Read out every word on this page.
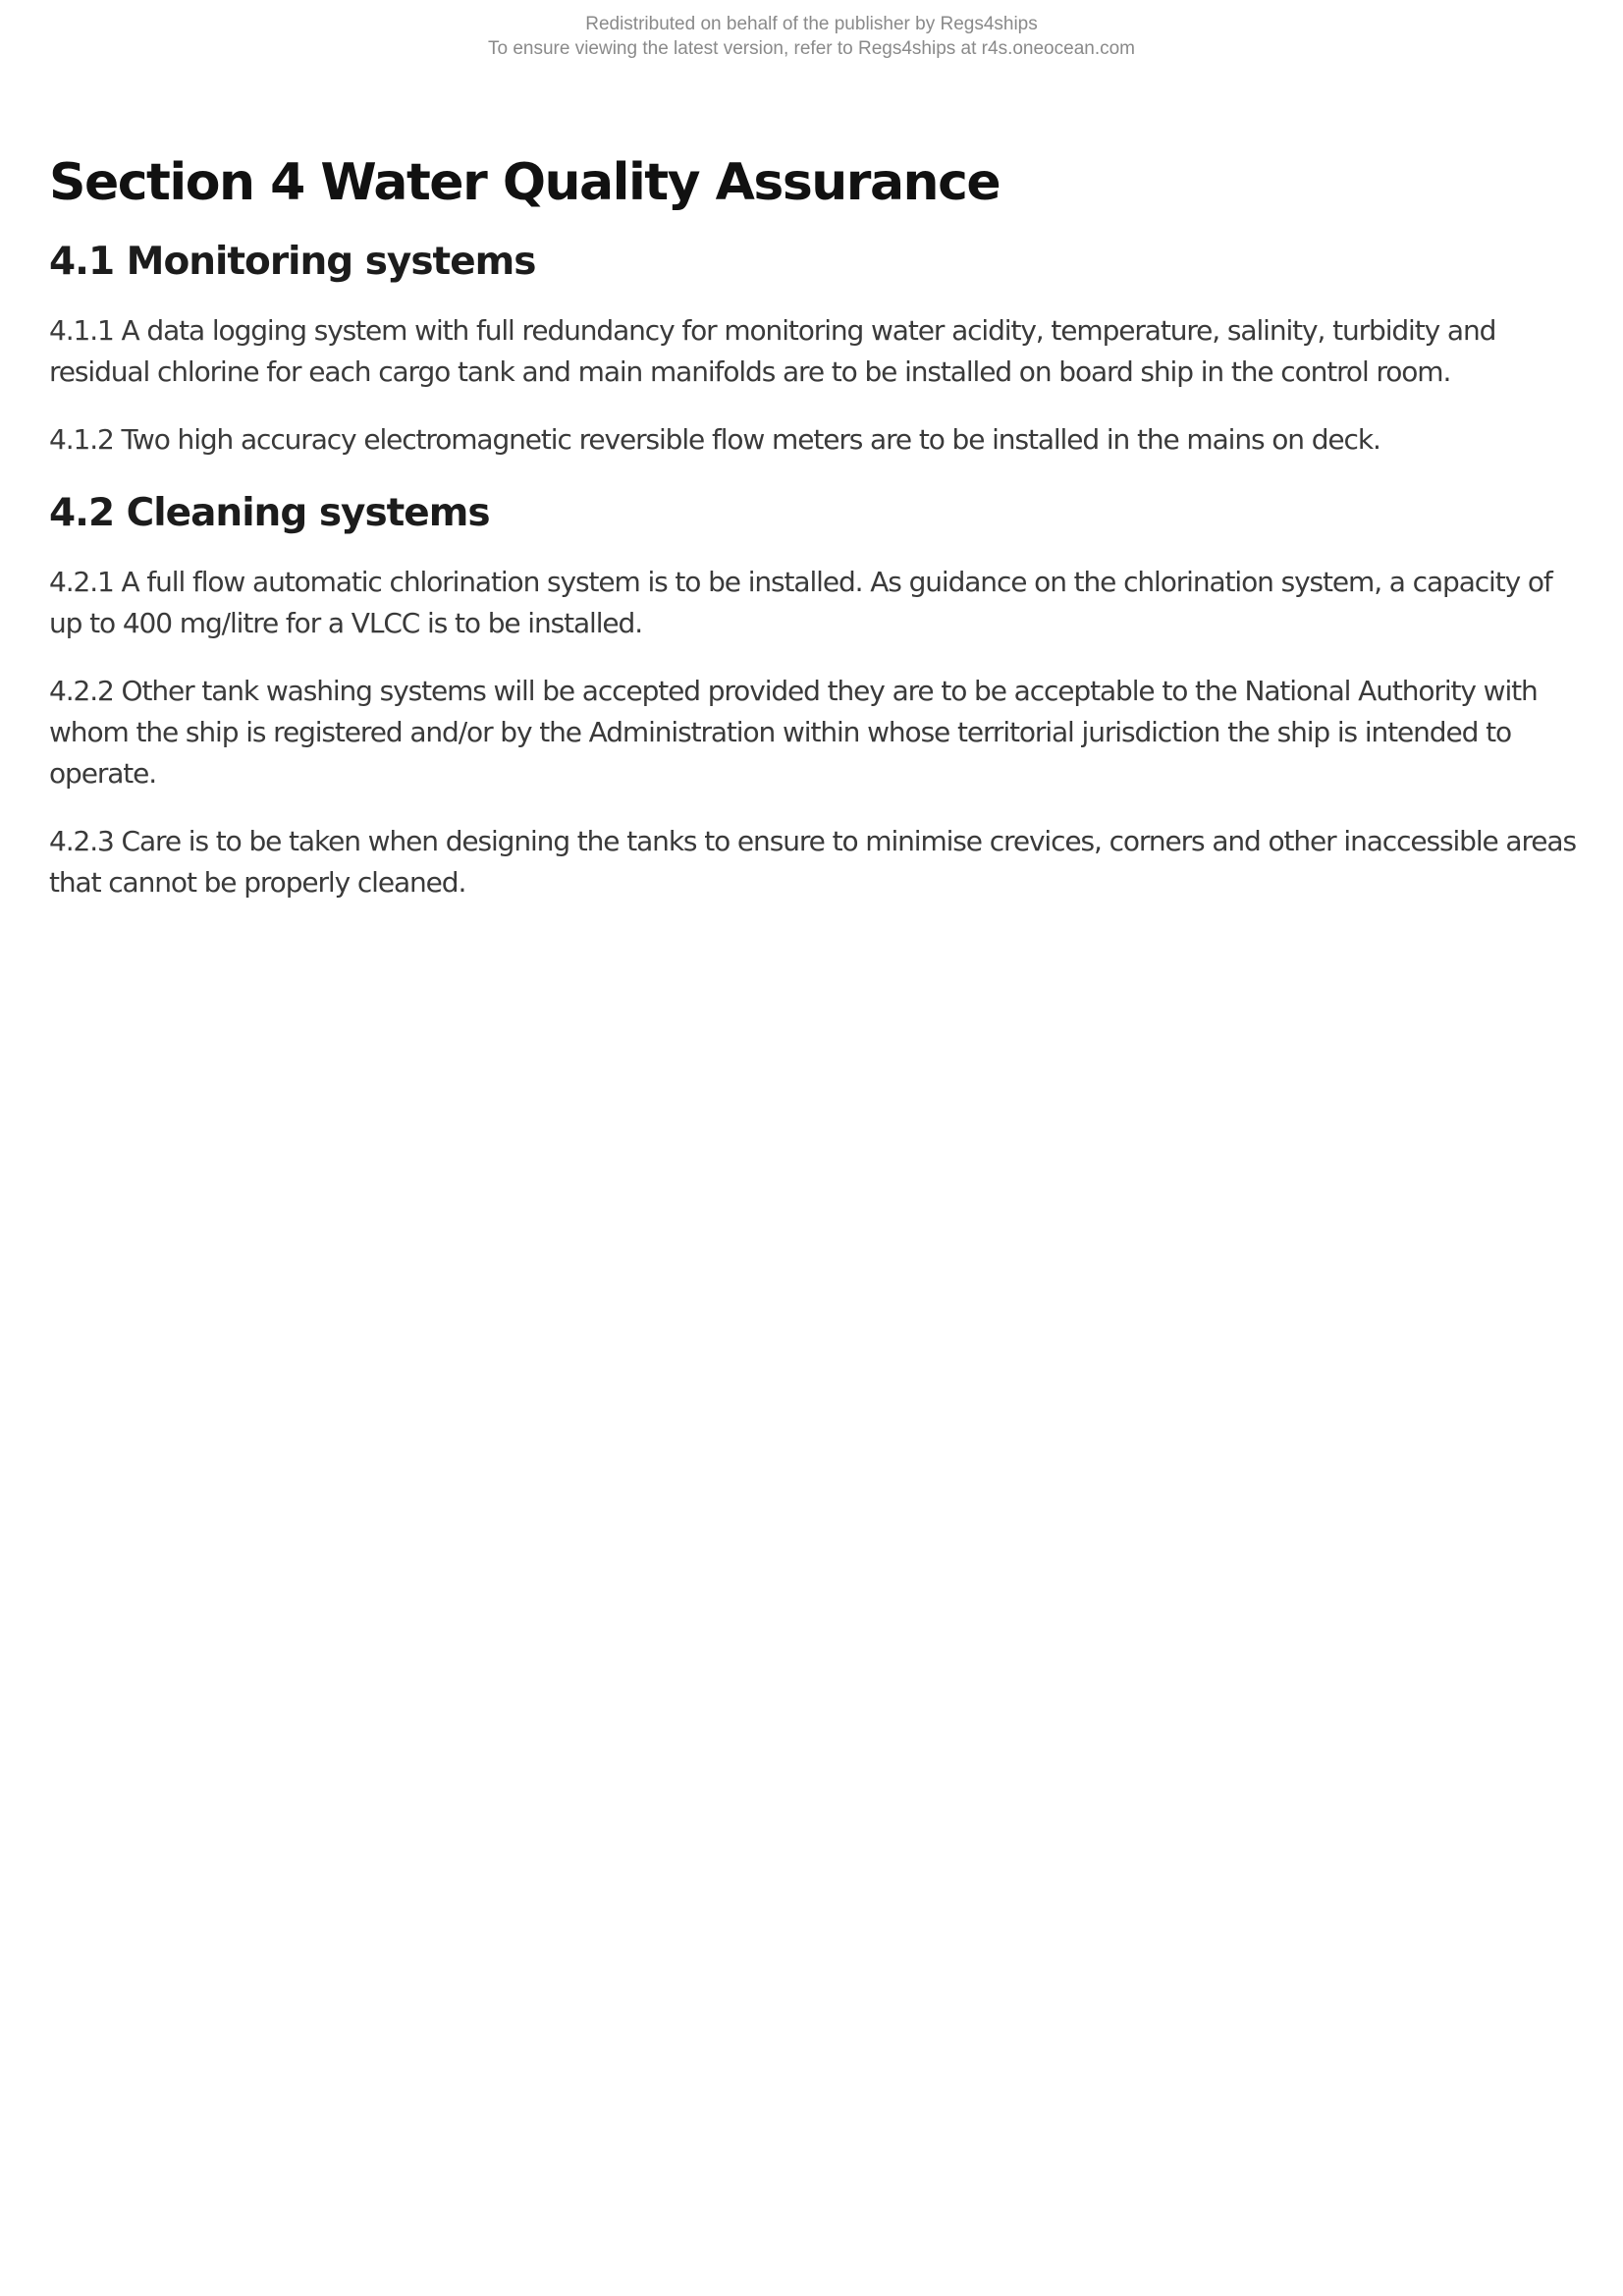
Redistributed on behalf of the publisher by Regs4ships
To ensure viewing the latest version, refer to Regs4ships at r4s.oneocean.com
Section 4 Water Quality Assurance
4.1 Monitoring systems

4.1.1 A data logging system with full redundancy for monitoring water acidity, temperature, salinity, turbidity and residual chlorine for each cargo tank and main manifolds are to be installed on board ship in the control room.

4.1.2 Two high accuracy electromagnetic reversible flow meters are to be installed in the mains on deck.

4.2 Cleaning systems

4.2.1 A full flow automatic chlorination system is to be installed. As guidance on the chlorination system, a capacity of up to 400 mg/litre for a VLCC is to be installed.

4.2.2 Other tank washing systems will be accepted provided they are to be acceptable to the National Authority with whom the ship is registered and/or by the Administration within whose territorial jurisdiction the ship is intended to operate.

4.2.3 Care is to be taken when designing the tanks to ensure to minimise crevices, corners and other inaccessible areas that cannot be properly cleaned.
